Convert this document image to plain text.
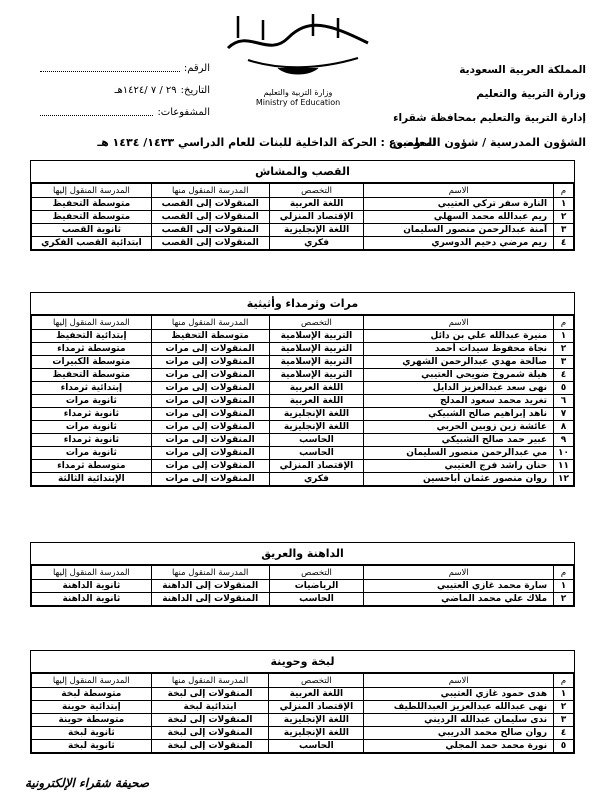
وزارة التربية والتعليم
Ministry of Education
المملكة العربية السعودية
وزارة التربية والتعليم
إدارة التربية والتعليم بمحافظة شقراء
الرقم:
التاريخ:
٢٩ / ٧ /١٤٢٤هـ
المشفوعات:
الشؤون المدرسية / شؤون المعلمين
الموضوع : الحركة الداخلية للبنات للعام الدراسي ١٤٣٣/ ١٤٣٤ هـ
القصب والمشاش
م	الاسم	التخصص	المدرسة المنقول منها	المدرسة المنقول إليها
١	النارة سفر تركي العتيبي	اللغة العربية	المنقولات إلى القصب	متوسطة التحفيظ
٢	ريم عبدالله محمد السهلي	الإقتصاد المنزلي	المنقولات إلى القصب	متوسطة التحفيظ
٣	آمنة عبدالرحمن منصور السليمان	اللغة الإنجليزية	المنقولات إلى القصب	ثانوية القصب
٤	ريم مرضي دحيم الدوسري	فكري	المنقولات إلى القصب	ابتدائية القصب الفكري
مرات وثرمداء وأثيثية
م	الاسم	التخصص	المدرسة المنقول منها	المدرسة المنقول إليها
١	منيرة عبدالله علي بن دائل	التربية الإسلامية	متوسطة التحفيظ	إبتدائية التحفيظ
٢	نجاة محفوظ سيدات أحمد	التربية الإسلامية	المنقولات إلى مرات	متوسطة ثرمداء
٣	صالحة مهدي عبدالرحمن الشهري	التربية الإسلامية	المنقولات إلى مرات	متوسطة الكبيرات
٤	هيلة شمروخ ضويحي العتيبي	التربية الإسلامية	المنقولات إلى مرات	متوسطة التحفيظ
٥	نهى سعد عبدالعزيز الدايل	اللغة العربية	المنقولات إلى مرات	إبتدائية ثرمداء
٦	تغريد محمد سعود المدلج	اللغة العربية	المنقولات إلى مرات	ثانوية مرات
٧	ناهد إبراهيم صالح الشبيكي	اللغة الإنجليزية	المنقولات إلى مرات	ثانوية ثرمداء
٨	عائشة زين زوبين الحربي	اللغة الإنجليزية	المنقولات إلى مرات	ثانوية مرات
٩	عبير حمد صالح الشبيكي	الحاسب	المنقولات إلى مرات	ثانوية ثرمداء
١٠	مي عبدالرحمن منصور السليمان	الحاسب	المنقولات إلى مرات	ثانوية مرات
١١	حنان راشد فرج العتيبي	الإقتصاد المنزلي	المنقولات إلى مرات	متوسطة ثرمداء
١٢	روان منصور عثمان أباحسين	فكري	المنقولات إلى مرات	الإبتدائية الثالثة
الداهنة والعريق
م	الاسم	التخصص	المدرسة المنقول منها	المدرسة المنقول إليها
١	سارة محمد غازي العتيبي	الرياضيات	المنقولات إلى الداهنة	ثانوية الداهنة
٢	ملاك علي محمد الماضي	الحاسب	المنقولات إلى الداهنة	ثانوية الداهنة
لبخة وحوينة
م	الاسم	التخصص	المدرسة المنقول منها	المدرسة المنقول إليها
١	هدى حمود غازي العتيبي	اللغة العربية	المنقولات إلى لبخة	متوسطة لبخة
٢	نهى عبدالله عبدالعزيز العبداللطيف	الإقتصاد المنزلي	ابتدائية لبخة	إبتدائية حوينة
٣	ندى سليمان عبدالله الرديني	اللغة الإنجليزية	المنقولات إلى لبخة	متوسطة حوينة
٤	روان صالح محمد الدريبي	اللغة الإنجليزية	المنقولات إلى لبخة	ثانوية لبخة
٥	نورة محمد حمد المجلي	الحاسب	المنقولات إلى لبخة	ثانوية لبخة
صحيفة شقراء الإلكترونية
